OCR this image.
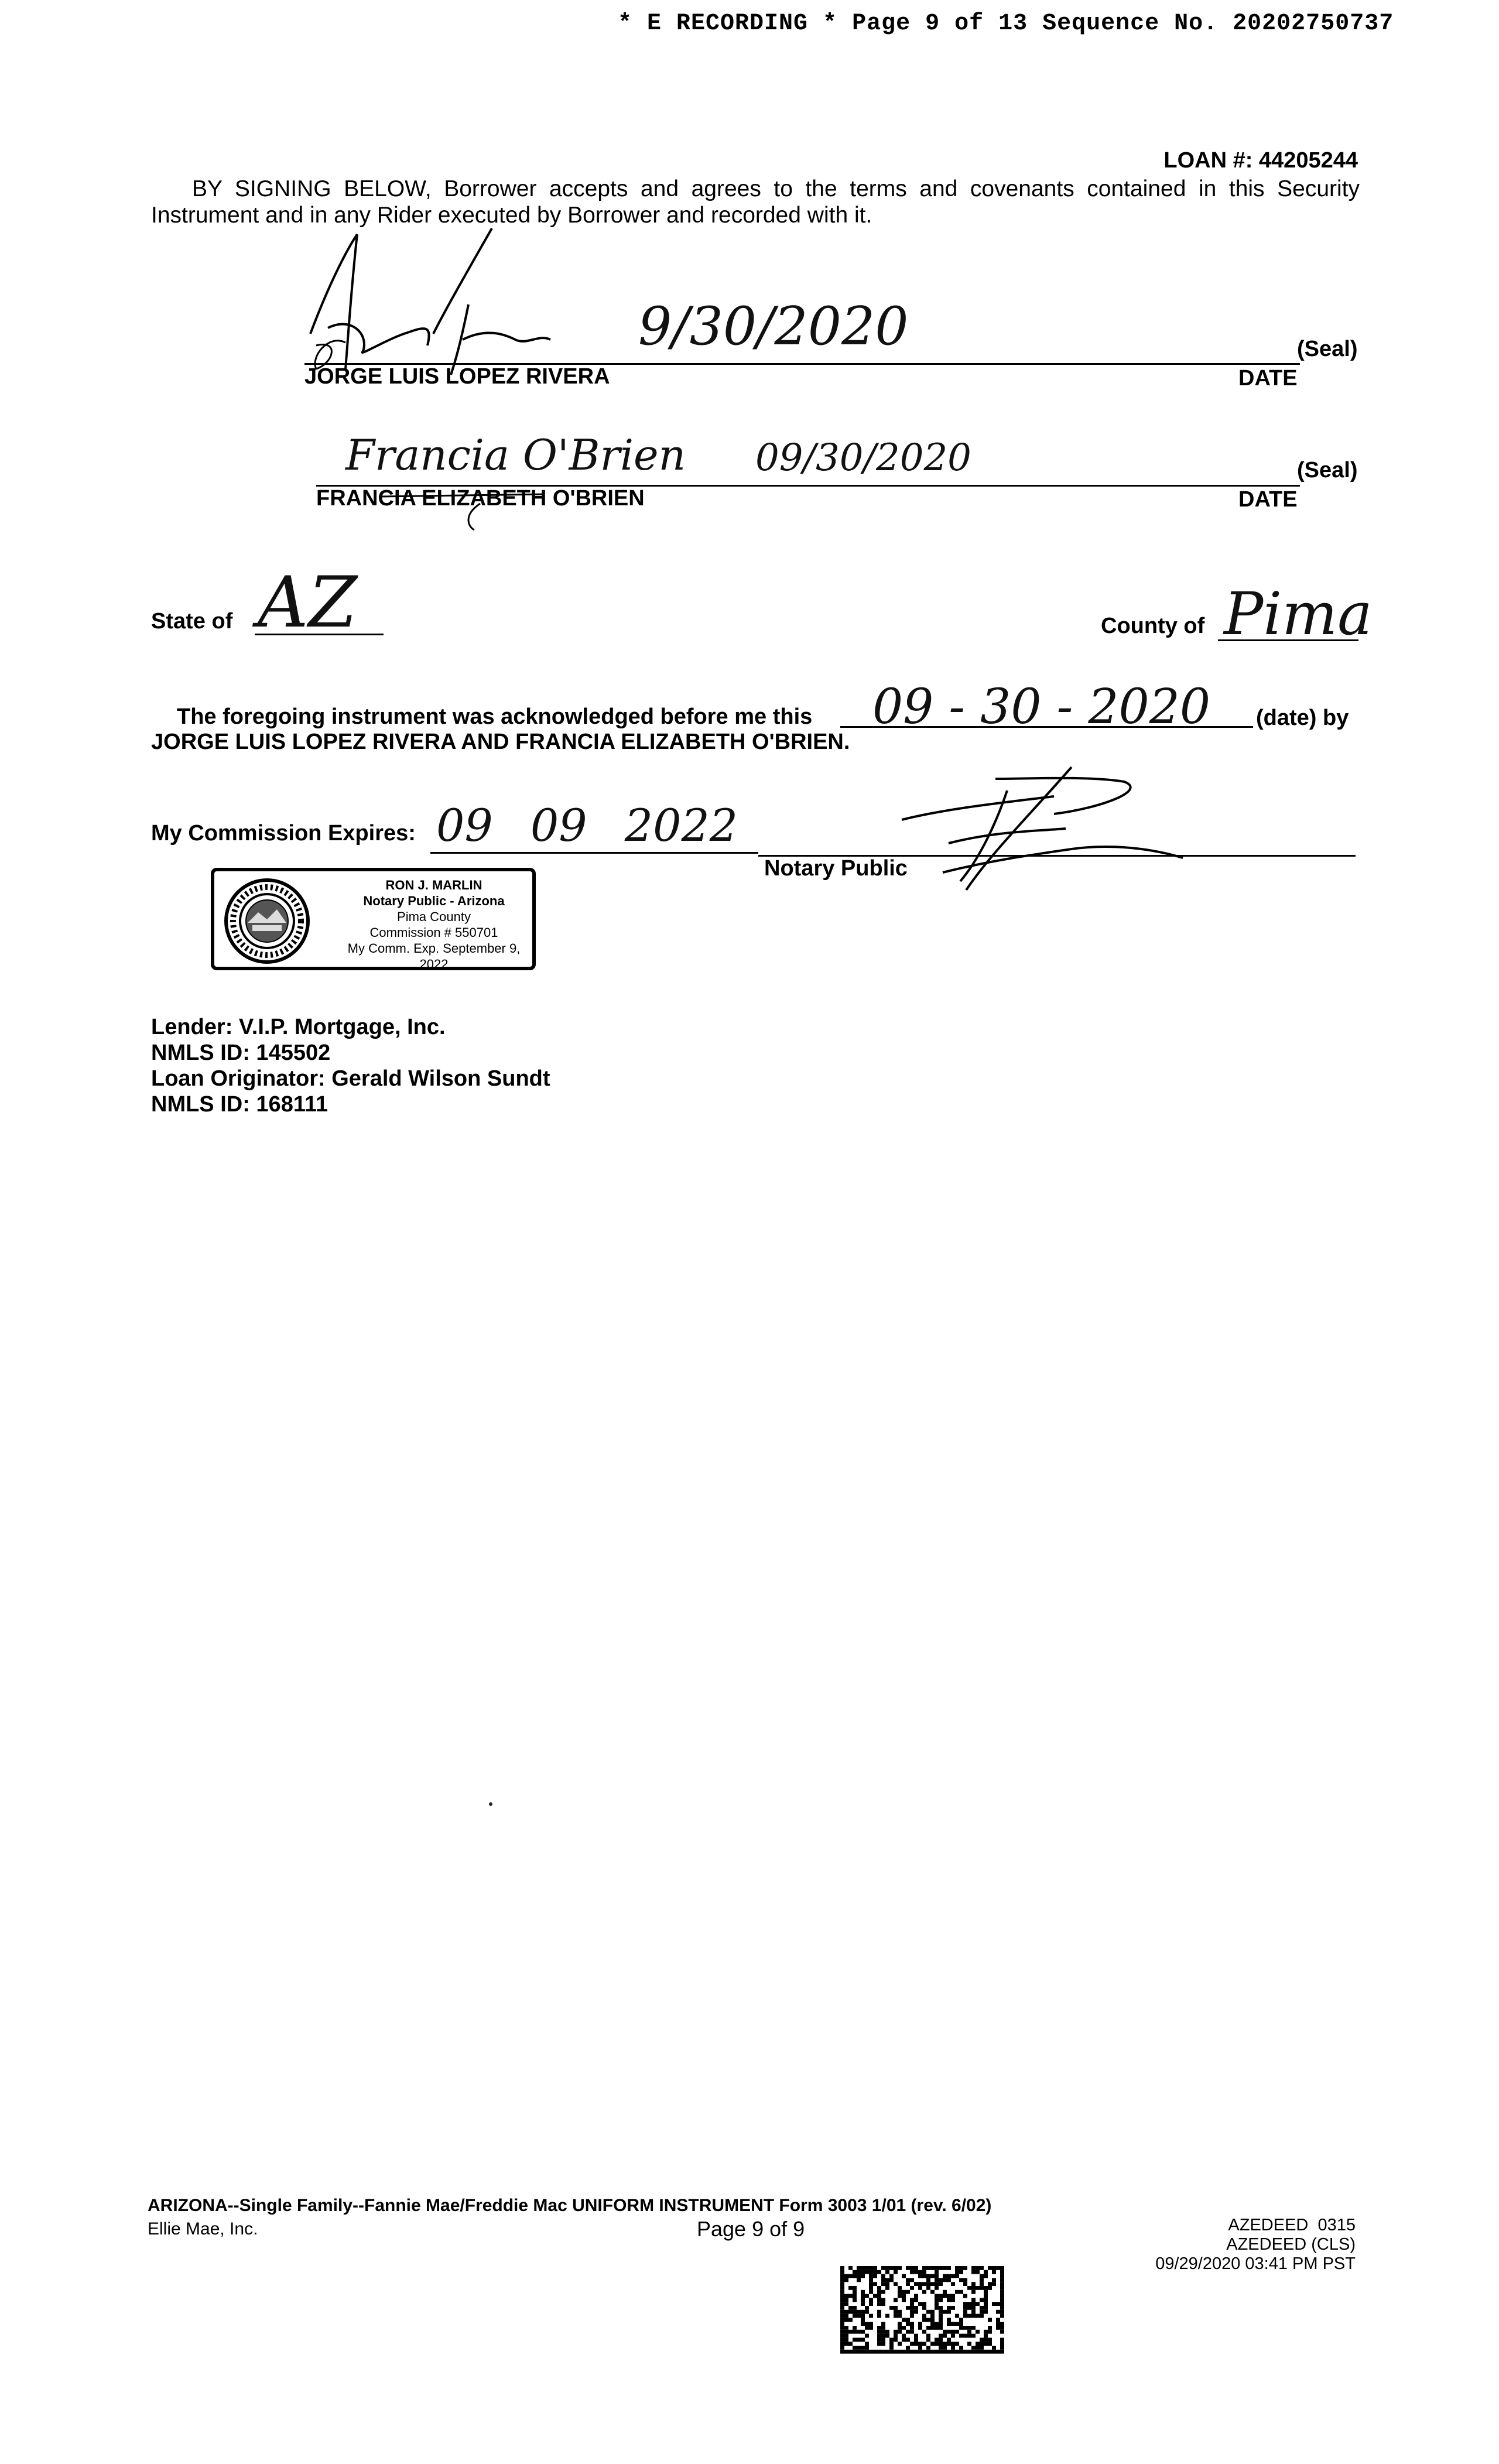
* E RECORDING * Page 9 of 13 Sequence No. 20202750737
LOAN #: 44205244
BY SIGNING BELOW, Borrower accepts and agrees to the terms and covenants contained in this Security Instrument and in any Rider executed by Borrower and recorded with it.
9/30/2020
JORGE LUIS LOPEZ RIVERA
(Seal)
DATE
Francia O'Brien 09/30/2020
FRANCIA ELIZABETH O'BRIEN
(Seal)
DATE
State of AZ	County of Pima
The foregoing instrument was acknowledged before me this 09 - 30 - 2020 (date) by
JORGE LUIS LOPEZ RIVERA AND FRANCIA ELIZABETH O'BRIEN.
My Commission Expires: 09 09 2022
Notary Public
RON J. MARLIN
Notary Public - Arizona
Pima County
Commission # 550701
My Comm. Exp. September 9, 2022
Lender: V.I.P. Mortgage, Inc.
NMLS ID: 145502
Loan Originator: Gerald Wilson Sundt
NMLS ID: 168111
ARIZONA--Single Family--Fannie Mae/Freddie Mac UNIFORM INSTRUMENT Form 3003 1/01 (rev. 6/02)
Ellie Mae, Inc.	Page 9 of 9	AZEDEED  0315
AZEDEED (CLS)
09/29/2020 03:41 PM PST
